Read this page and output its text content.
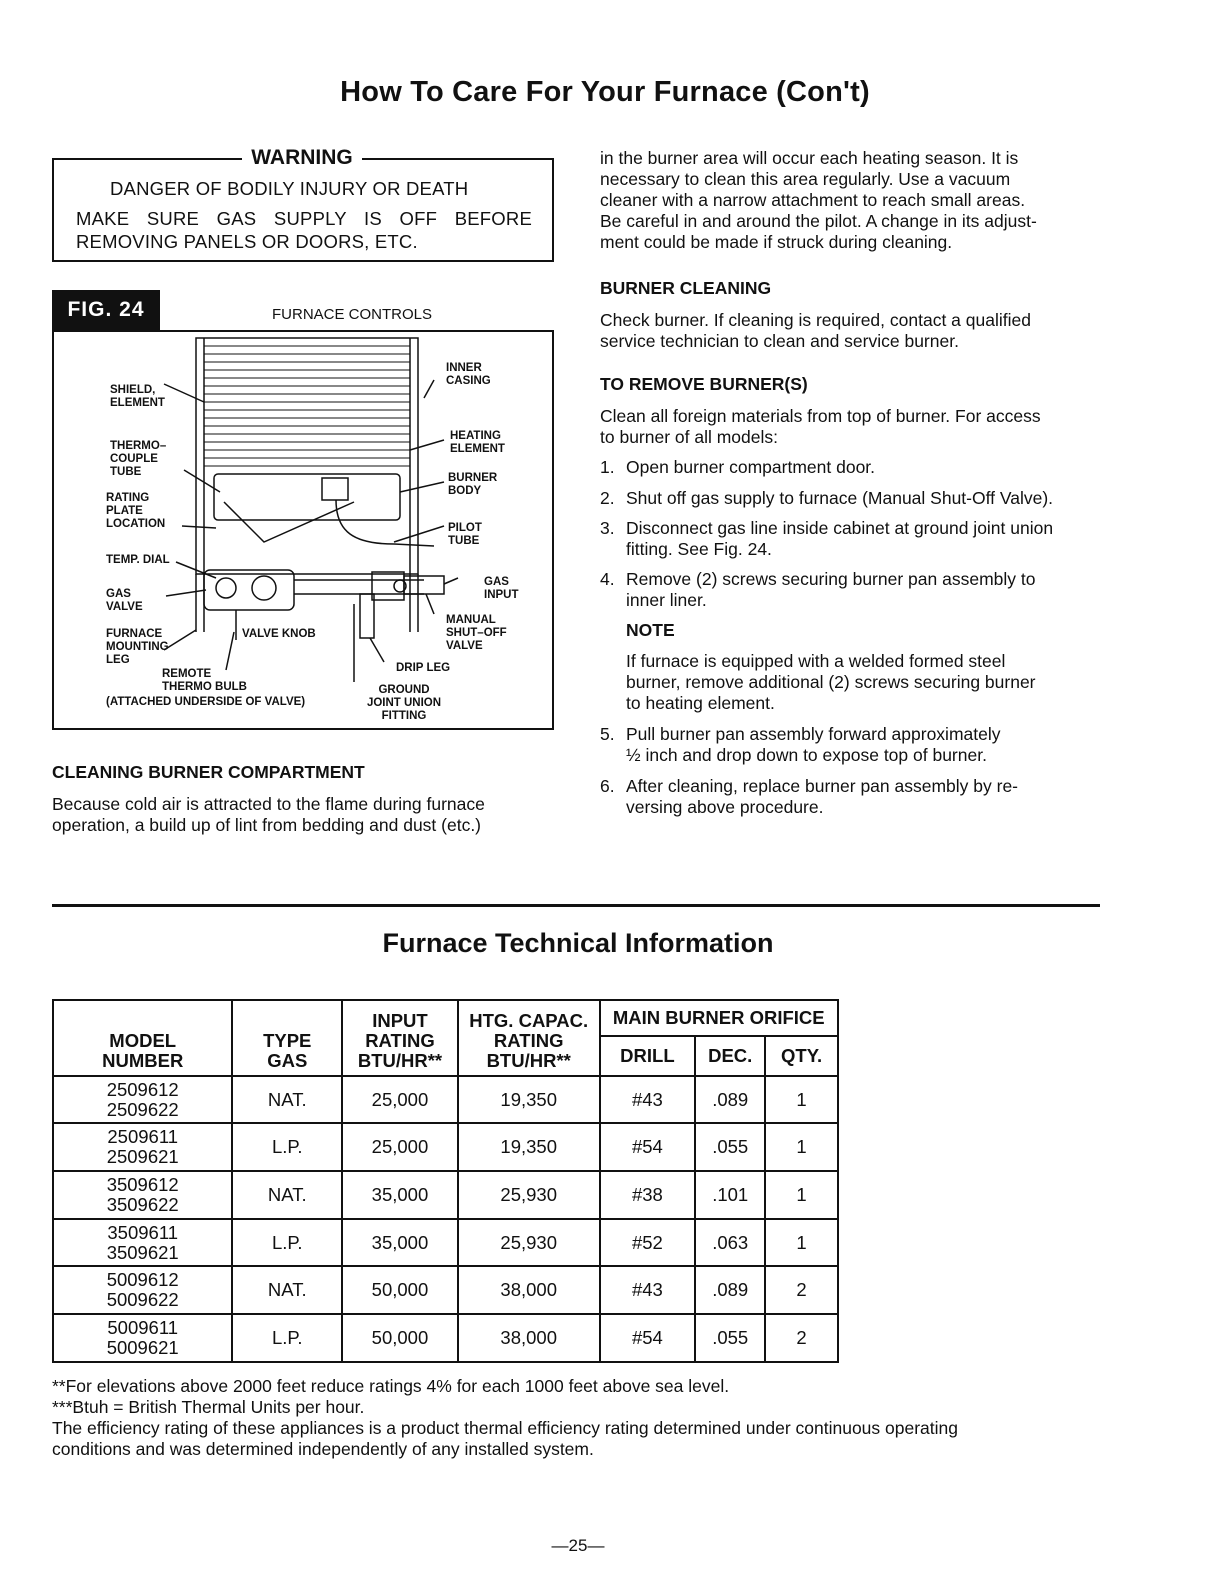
How To Care For Your Furnace (Con't)
WARNING
DANGER OF BODILY INJURY OR DEATH
MAKE SURE GAS SUPPLY IS OFF BEFORE
REMOVING PANELS OR DOORS, ETC.
FIG. 24	FURNACE CONTROLS
SHIELD,
ELEMENT
THERMO–
COUPLE
TUBE
RATING
PLATE
LOCATION
TEMP. DIAL
GAS
VALVE
FURNACE
MOUNTING
LEG
REMOTE
THERMO BULB
(ATTACHED UNDERSIDE OF VALVE)
VALVE KNOB
INNER
CASING
HEATING
ELEMENT
BURNER
BODY
PILOT
TUBE
GAS
INPUT
MANUAL
SHUT–OFF
VALVE
DRIP LEG
GROUND
JOINT UNION
FITTING
CLEANING BURNER COMPARTMENT
Because cold air is attracted to the flame during furnace
operation, a build up of lint from bedding and dust (etc.)
in the burner area will occur each heating season. It is
necessary to clean this area regularly. Use a vacuum
cleaner with a narrow attachment to reach small areas.
Be careful in and around the pilot. A change in its adjust-
ment could be made if struck during cleaning.
BURNER CLEANING
Check burner. If cleaning is required, contact a qualified
service technician to clean and service burner.
TO REMOVE BURNER(S)
Clean all foreign materials from top of burner. For access
to burner of all models:
1. Open burner compartment door.
2. Shut off gas supply to furnace (Manual Shut-Off Valve).
3. Disconnect gas line inside cabinet at ground joint union
fitting. See Fig. 24.
4. Remove (2) screws securing burner pan assembly to
inner liner.
NOTE
If furnace is equipped with a welded formed steel
burner, remove additional (2) screws securing burner
to heating element.
5. Pull burner pan assembly forward approximately
½ inch and drop down to expose top of burner.
6. After cleaning, replace burner pan assembly by re-
versing above procedure.
Furnace Technical Information
MODEL
NUMBER	TYPE
GAS	INPUT
RATING
BTU/HR**	HTG. CAPAC.
RATING
BTU/HR**	MAIN BURNER ORIFICE		
				DRILL	DEC.	QTY.
2509612
2509622	NAT.	25,000	19,350	#43	.089	1
2509611
2509621	L.P.	25,000	19,350	#54	.055	1
3509612
3509622	NAT.	35,000	25,930	#38	.101	1
3509611
3509621	L.P.	35,000	25,930	#52	.063	1
5009612
5009622	NAT.	50,000	38,000	#43	.089	2
5009611
5009621	L.P.	50,000	38,000	#54	.055	2
**For elevations above 2000 feet reduce ratings 4% for each 1000 feet above sea level.
***Btuh = British Thermal Units per hour.
The efficiency rating of these appliances is a product thermal efficiency rating determined under continuous operating
conditions and was determined independently of any installed system.
—25—
